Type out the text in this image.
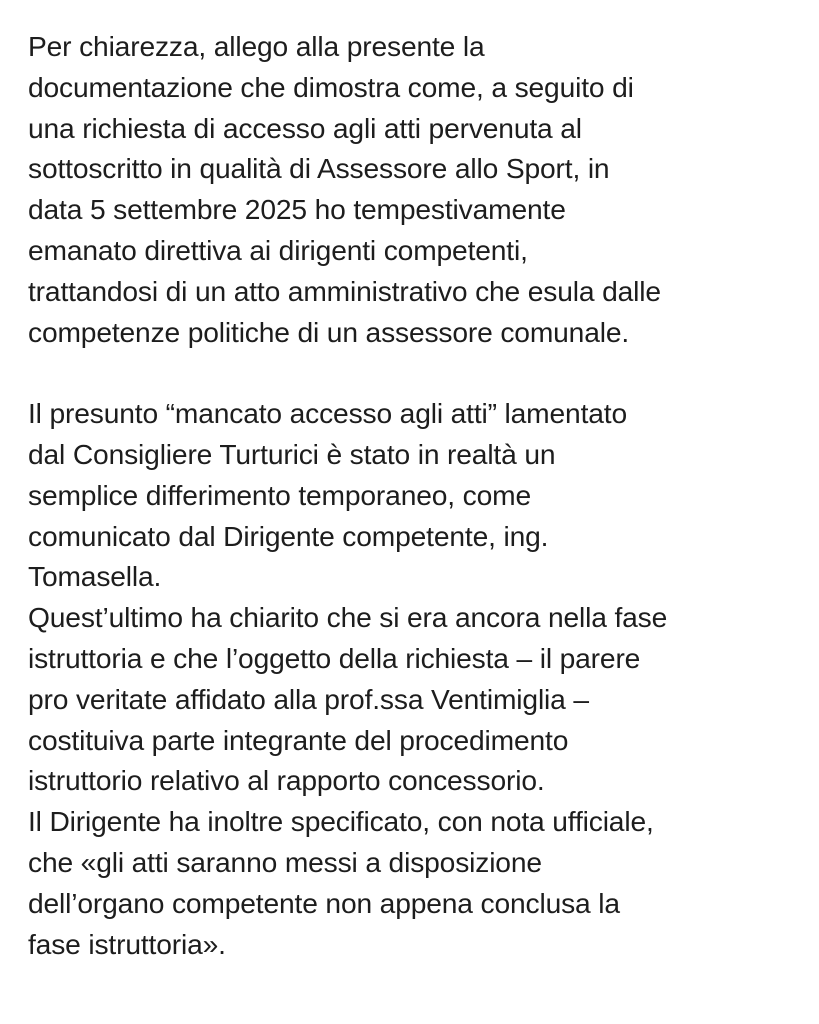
Per chiarezza, allego alla presente la
documentazione che dimostra come, a seguito di
una richiesta di accesso agli atti pervenuta al
sottoscritto in qualità di Assessore allo Sport, in
data 5 settembre 2025 ho tempestivamente
emanato direttiva ai dirigenti competenti,
trattandosi di un atto amministrativo che esula dalle
competenze politiche di un assessore comunale.
Il presunto “mancato accesso agli atti” lamentato
dal Consigliere Turturici è stato in realtà un
semplice differimento temporaneo, come
comunicato dal Dirigente competente, ing.
Tomasella.
Quest’ultimo ha chiarito che si era ancora nella fase
istruttoria e che l’oggetto della richiesta – il parere
pro veritate affidato alla prof.ssa Ventimiglia –
costituiva parte integrante del procedimento
istruttorio relativo al rapporto concessorio.
Il Dirigente ha inoltre specificato, con nota ufficiale,
che «gli atti saranno messi a disposizione
dell’organo competente non appena conclusa la
fase istruttoria».
